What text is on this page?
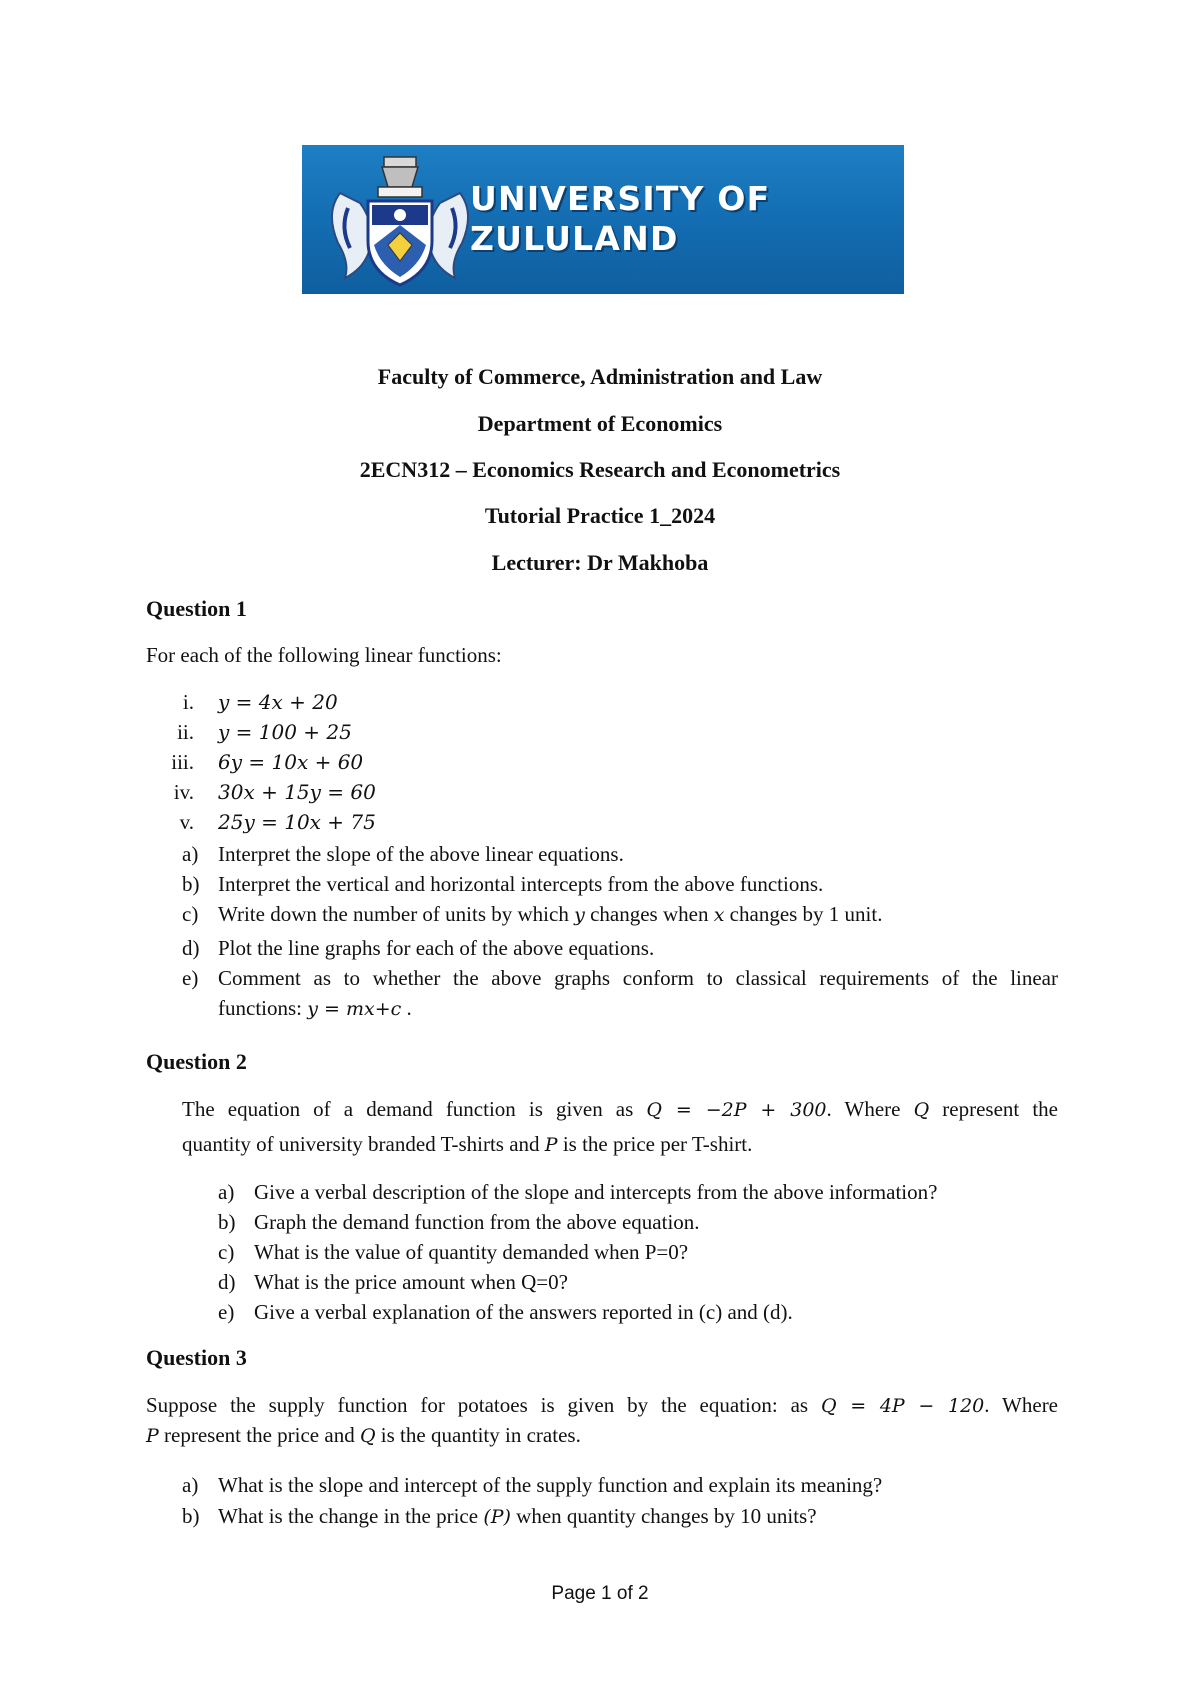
UNIVERSITY OF
ZULULAND
Faculty of Commerce, Administration and Law
Department of Economics
2ECN312 – Economics Research and Econometrics
Tutorial Practice 1_2024
Lecturer: Dr Makhoba
Question 1
For each of the following linear functions:
i. y = 4x + 20
ii. y = 100 + 25
iii. 6y = 10x + 60
iv. 30x + 15y = 60
v. 25y = 10x + 75
a) Interpret the slope of the above linear equations.
b) Interpret the vertical and horizontal intercepts from the above functions.
c) Write down the number of units by which y changes when x changes by 1 unit.
d) Plot the line graphs for each of the above equations.
e) Comment as to whether the above graphs conform to classical requirements of the linear
functions: y = mx+c .
Question 2
The equation of a demand function is given as Q = −2P + 300. Where Q represent the
quantity of university branded T-shirts and P is the price per T-shirt.
a) Give a verbal description of the slope and intercepts from the above information?
b) Graph the demand function from the above equation.
c) What is the value of quantity demanded when P=0?
d) What is the price amount when Q=0?
e) Give a verbal explanation of the answers reported in (c) and (d).
Question 3
Suppose the supply function for potatoes is given by the equation: as Q = 4P − 120. Where
P represent the price and Q is the quantity in crates.
a) What is the slope and intercept of the supply function and explain its meaning?
b) What is the change in the price (P) when quantity changes by 10 units?
Page 1 of 2
